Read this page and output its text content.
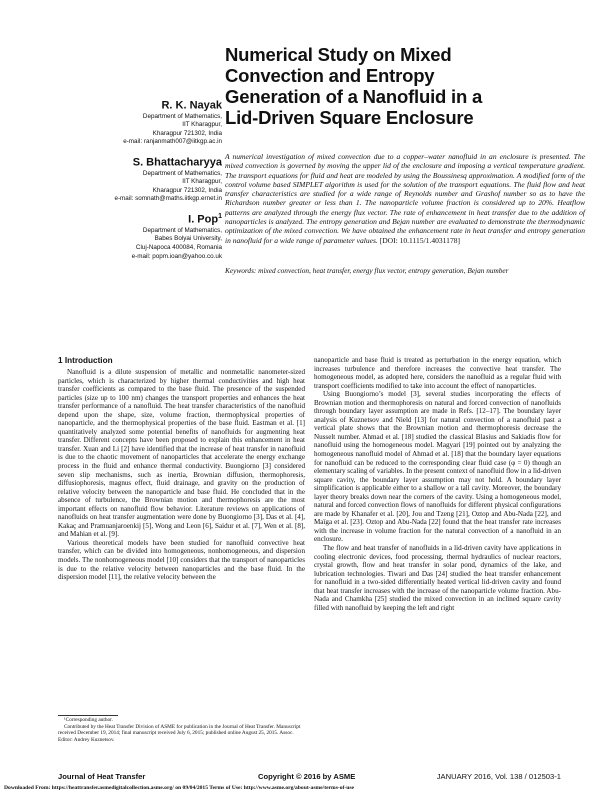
Numerical Study on Mixed
Convection and Entropy
Generation of a Nanofluid in a
Lid-Driven Square Enclosure
R. K. Nayak
Department of Mathematics,
IIT Kharagpur,
Kharagpur 721302, India
e-mail: ranjanmath007@iitkgp.ac.in
S. Bhattacharyya
Department of Mathematics,
IIT Kharagpur,
Kharagpur 721302, India
e-mail: somnath@maths.iitkgp.ernet.in
I. Pop$^1$
Department of Mathematics,
Babes Bolyai University,
Cluj-Napoca 400084, Romania
e-mail: popm.ioan@yahoo.co.uk
A numerical investigation of mixed convection due to a copper–water nanofluid in an enclosure is presented. The mixed convection is governed by moving the upper lid of the enclosure and imposing a vertical temperature gradient. The transport equations for fluid and heat are modeled by using the Boussinesq approximation. A modified form of the control volume based SIMPLET algorithm is used for the solution of the transport equations. The fluid flow and heat transfer characteristics are studied for a wide range of Reynolds number and Grashof number so as to have the Richardson number greater or less than 1. The nanoparticle volume fraction is considered up to 20%. Heatflow patterns are analyzed through the energy flux vector. The rate of enhancement in heat transfer due to the addition of nanoparticles is analyzed. The entropy generation and Bejan number are evaluated to demonstrate the thermodynamic optimization of the mixed convection. We have obtained the enhancement rate in heat transfer and entropy generation in nanofluid for a wide range of parameter values. [DOI: 10.1115/1.4031178]
Keywords: mixed convection, heat transfer, energy flux vector, entropy generation, Bejan number
1 Introduction

Nanofluid is a dilute suspension of metallic and nonmetallic nanometer-sized particles, which is characterized by higher thermal conductivities and high heat transfer coefficients as compared to the base fluid. The presence of the suspended particles (size up to 100 nm) changes the transport properties and enhances the heat transfer performance of a nanofluid. The heat transfer characteristics of the nanofluid depend upon the shape, size, volume fraction, thermophysical properties of nanoparticle, and the thermophysical properties of the base fluid. Eastman et al. [1] quantitatively analyzed some potential benefits of nanofluids for augmenting heat transfer. Different concepts have been proposed to explain this enhancement in heat transfer. Xuan and Li [2] have identified that the increase of heat transfer in nanofluid is due to the chaotic movement of nanoparticles that accelerate the energy exchange process in the fluid and enhance thermal conductivity. Buongiorno [3] considered seven slip mechanisms, such as inertia, Brownian diffusion, thermophoresis, diffusiophoresis, magnus effect, fluid drainage, and gravity on the production of relative velocity between the nanoparticle and base fluid. He concluded that in the absence of turbulence, the Brownian motion and thermophoresis are the most important effects on nanofluid flow behavior. Literature reviews on applications of nanofluids on heat transfer augmentation were done by Buongiorno [3], Das et al. [4], Kakaç and Pramuanjaroenkij [5], Wong and Leon [6], Saidur et al. [7], Wen et al. [8], and Mahian et al. [9].

Various theoretical models have been studied for nanofluid convective heat transfer, which can be divided into homogeneous, nonhomogeneous, and dispersion models. The nonhomogeneous model [10] considers that the transport of nanoparticles is due to the relative velocity between nanoparticles and the base fluid. In the dispersion model [11], the relative velocity between the

nanoparticle and base fluid is treated as perturbation in the energy equation, which increases turbulence and therefore increases the convective heat transfer. The homogeneous model, as adopted here, considers the nanofluid as a regular fluid with transport coefficients modified to take into account the effect of nanoparticles.

Using Buongiorno’s model [3], several studies incorporating the effects of Brownian motion and thermophoresis on natural and forced convection of nanofluids through boundary layer assumption are made in Refs. [12–17]. The boundary layer analysis of Kuznetsov and Nield [13] for natural convection of a nanofluid past a vertical plate shows that the Brownian motion and thermophoresis decrease the Nusselt number. Ahmad et al. [18] studied the classical Blasius and Sakiadis flow for nanofluid using the homogeneous model. Magyari [19] pointed out by analyzing the homogeneous nanofluid model of Ahmad et al. [18] that the boundary layer equations for nanofluid can be reduced to the corresponding clear fluid case (φ = 0) though an elementary scaling of variables. In the present context of nanofluid flow in a lid-driven square cavity, the boundary layer assumption may not hold. A boundary layer simplification is applicable either to a shallow or a tall cavity. Moreover, the boundary layer theory breaks down near the corners of the cavity. Using a homogeneous model, natural and forced convection flows of nanofluids for different physical configurations are made by Khanafer et al. [20], Jou and Tzeng [21], Oztop and Abu-Nada [22], and Maïga et al. [23]. Oztop and Abu-Nada [22] found that the heat transfer rate increases with the increase in volume fraction for the natural convection of a nanofluid in an enclosure.

The flow and heat transfer of nanofluids in a lid-driven cavity have applications in cooling electronic devices, food processing, thermal hydraulics of nuclear reactors, crystal growth, flow and heat transfer in solar pond, dynamics of the lake, and lubrication technologies. Tiwari and Das [24] studied the heat transfer enhancement for nanofluid in a two-sided differentially heated vertical lid-driven cavity and found that heat transfer increases with the increase of the nanoparticle volume fraction. Abu-Nada and Chamkha [25] studied the mixed convection in an inclined square cavity filled with nanofluid by keeping the left and right

¹Corresponding author.

Contributed by the Heat Transfer Division of ASME for publication in the Journal of Heat Transfer. Manuscript received December 19, 2014; final manuscript received July 6, 2015; published online August 25, 2015. Assoc. Editor: Andrey Kuznetsov.

Journal of Heat Transfer	Copyright © 2016 by ASME	JANUARY 2016, Vol. 138 / 012503-1
Downloaded From: https://heattransfer.asmedigitalcollection.asme.org/ on 09/04/2015 Terms of Use: http://www.asme.org/about-asme/terms-of-use
